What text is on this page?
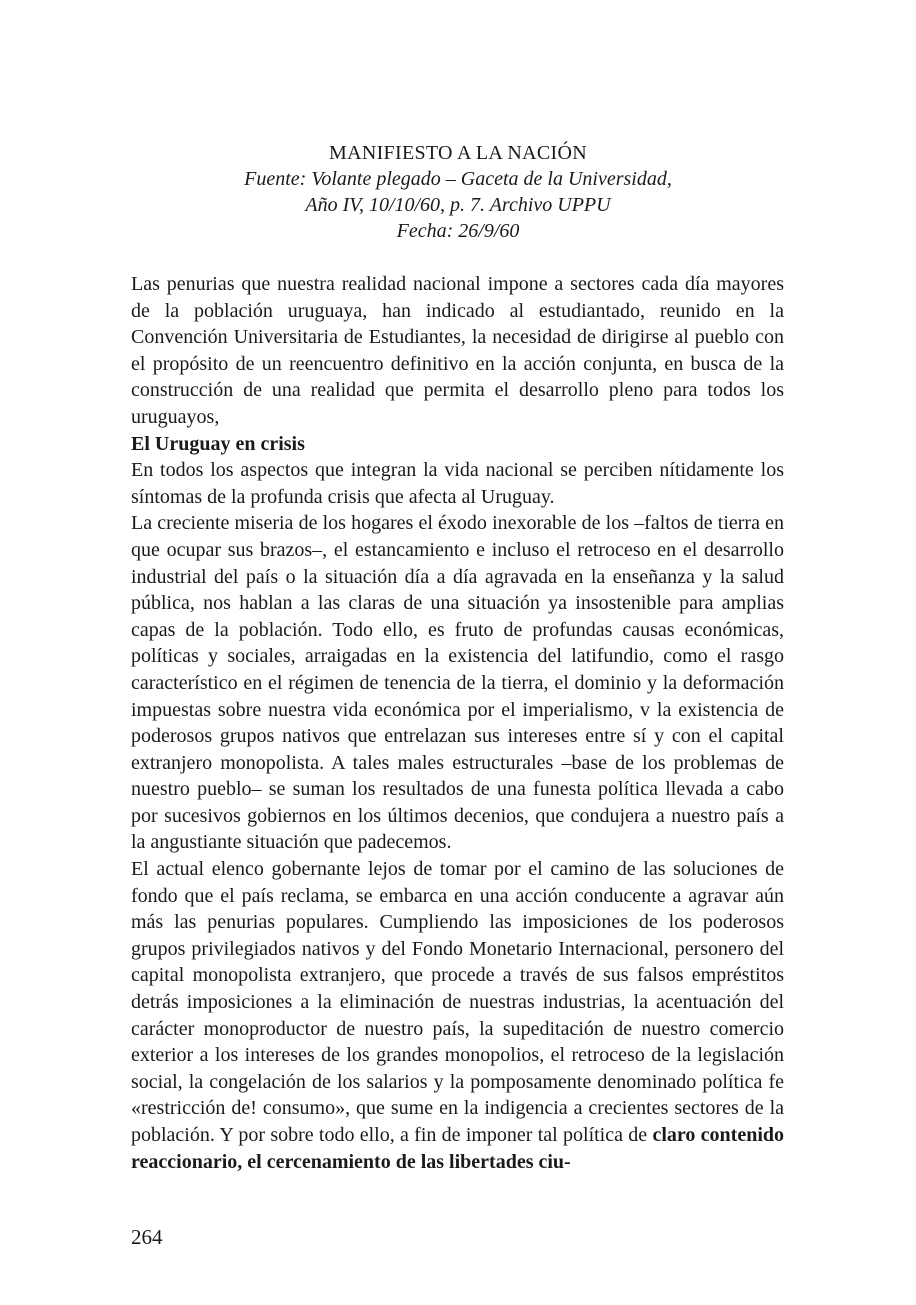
MANIFIESTO A LA NACIÓN
Fuente: Volante plegado – Gaceta de la Universidad,
Año IV, 10/10/60, p. 7. Archivo UPPU
Fecha: 26/9/60

Las penurias que nuestra realidad nacional impone a sectores cada día mayores de la población uruguaya, han indicado al estudiantado, reunido en la Convención Universitaria de Estudiantes, la necesidad de dirigirse al pueblo con el propósito de un reencuentro definitivo en la acción conjunta, en busca de la construcción de una realidad que permita el desarrollo pleno para todos los uruguayos,

El Uruguay en crisis

En todos los aspectos que integran la vida nacional se perciben nítidamente los síntomas de la profunda crisis que afecta al Uruguay.

La creciente miseria de los hogares el éxodo inexorable de los –faltos de tierra en que ocupar sus brazos–, el estancamiento e incluso el retroceso en el desarrollo industrial del país o la situación día a día agravada en la enseñanza y la salud pública, nos hablan a las claras de una situación ya insostenible para amplias capas de la población. Todo ello, es fruto de profundas causas económicas, políticas y sociales, arraigadas en la existencia del latifundio, como el rasgo característico en el régimen de tenencia de la tierra, el dominio y la deformación impuestas sobre nuestra vida económica por el imperialismo, v la existencia de poderosos grupos nativos que entrelazan sus intereses entre sí y con el capital extranjero monopolista. A tales males estructurales –base de los problemas de nuestro pueblo– se suman los resultados de una funesta política llevada a cabo por sucesivos gobiernos en los últimos decenios, que condujera a nuestro país a la angustiante situación que padecemos.

El actual elenco gobernante lejos de tomar por el camino de las soluciones de fondo que el país reclama, se embarca en una acción conducente a agravar aún más las penurias populares. Cumpliendo las imposiciones de los poderosos grupos privilegiados nativos y del Fondo Monetario Internacional, personero del capital monopolista extranjero, que procede a través de sus falsos empréstitos detrás imposiciones a la eliminación de nuestras industrias, la acentuación del carácter monoproductor de nuestro país, la supeditación de nuestro comercio exterior a los intereses de los grandes monopolios, el retroceso de la legislación social, la congelación de los salarios y la pomposamente denominado política fe «restricción de! consumo», que sume en la indigencia a crecientes sectores de la población. Y por sobre todo ello, a fin de imponer tal política de claro contenido reaccionario, el cercenamiento de las libertades ciu-

264
